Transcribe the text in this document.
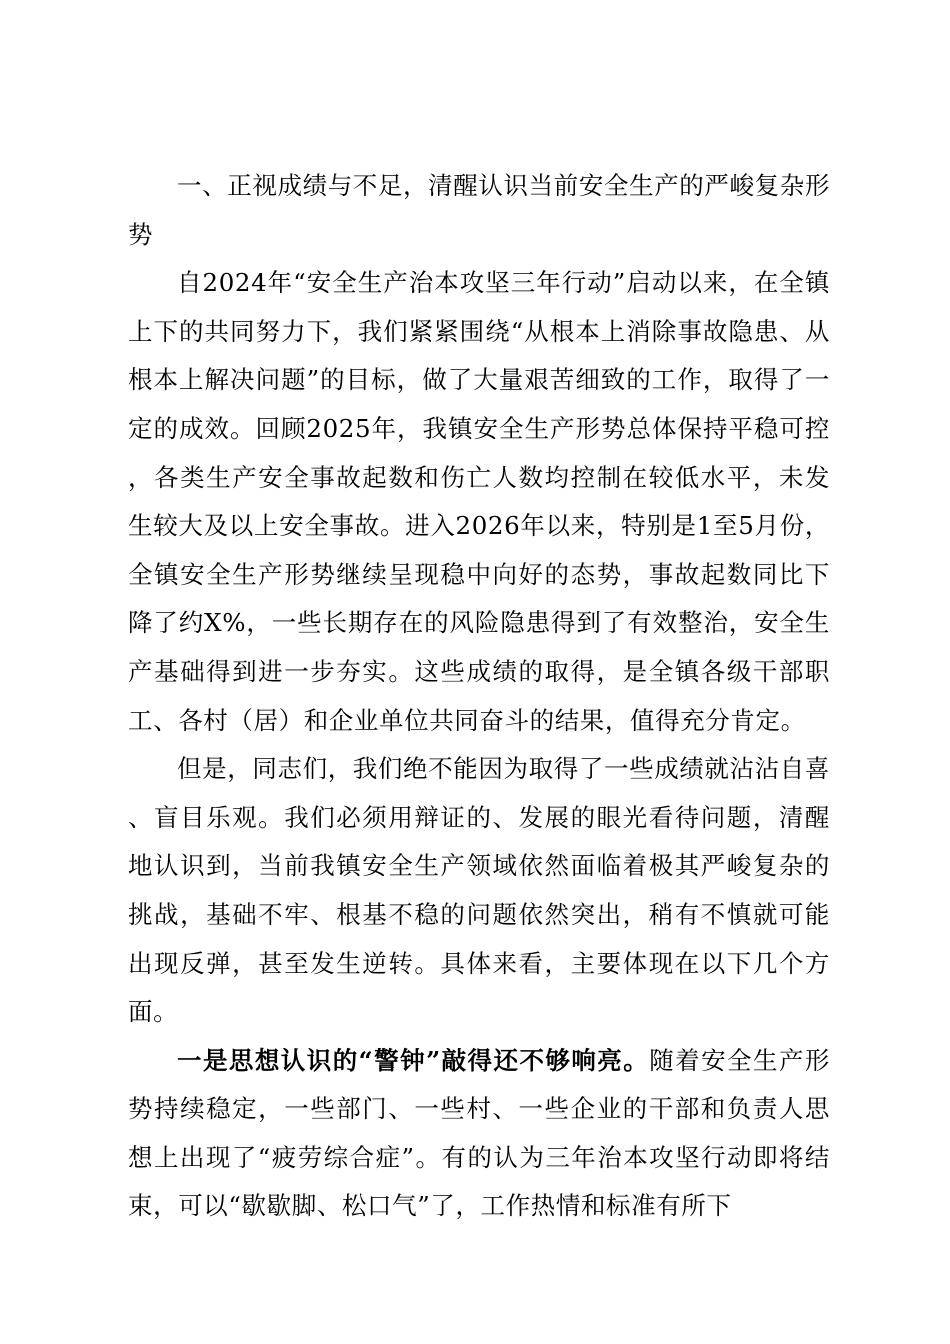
一、正视成绩与不足，清醒认识当前安全生产的严峻复杂形势

自2024年“安全生产治本攻坚三年行动”启动以来，在全镇上下的共同努力下，我们紧紧围绕“从根本上消除事故隐患、从根本上解决问题”的目标，做了大量艰苦细致的工作，取得了一定的成效。回顾2025年，我镇安全生产形势总体保持平稳可控，各类生产安全事故起数和伤亡人数均控制在较低水平，未发生较大及以上安全事故。进入2026年以来，特别是1至5月份，全镇安全生产形势继续呈现稳中向好的态势，事故起数同比下降了约X%，一些长期存在的风险隐患得到了有效整治，安全生产基础得到进一步夯实。这些成绩的取得，是全镇各级干部职工、各村（居）和企业单位共同奋斗的结果，值得充分肯定。

但是，同志们，我们绝不能因为取得了一些成绩就沾沾自喜、盲目乐观。我们必须用辩证的、发展的眼光看待问题，清醒地认识到，当前我镇安全生产领域依然面临着极其严峻复杂的挑战，基础不牢、根基不稳的问题依然突出，稍有不慎就可能出现反弹，甚至发生逆转。具体来看，主要体现在以下几个方面。

一是思想认识的“警钟”敲得还不够响亮。随着安全生产形势持续稳定，一些部门、一些村、一些企业的干部和负责人思想上出现了“疲劳综合症”。有的认为三年治本攻坚行动即将结束，可以“歇歇脚、松口气”了，工作热情和标准有所下
